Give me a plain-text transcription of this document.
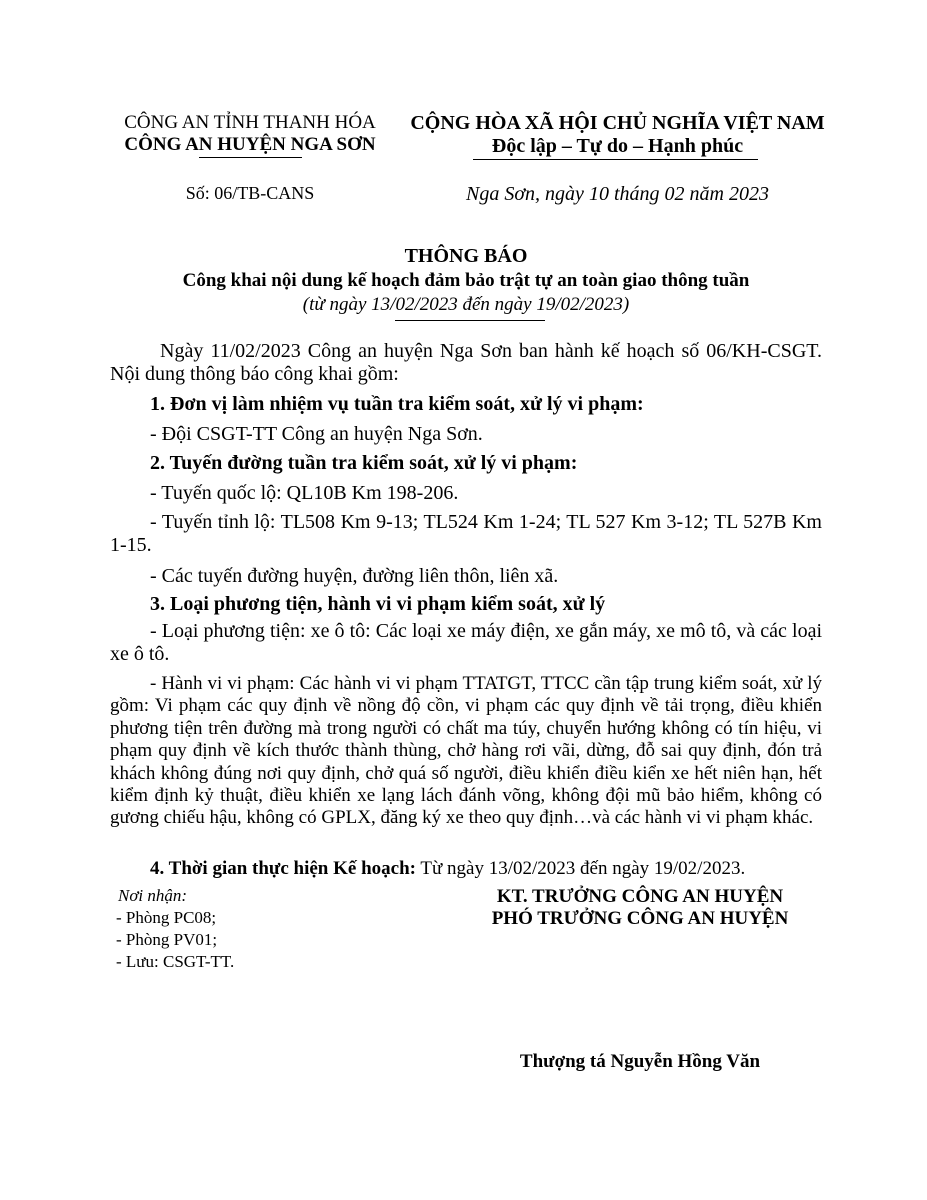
CÔNG AN TỈNH THANH HÓA
CÔNG AN HUYỆN NGA SƠN
CỘNG HÒA XÃ HỘI CHỦ NGHĨA VIỆT NAM
Độc lập – Tự do – Hạnh phúc
Số: 06/TB-CANS	Nga Sơn, ngày 10 tháng 02 năm 2023
THÔNG BÁO
Công khai nội dung kế hoạch đảm bảo trật tự an toàn giao thông tuần
(từ ngày 13/02/2023 đến ngày 19/02/2023)
Ngày 11/02/2023 Công an huyện Nga Sơn ban hành kế hoạch số 06/KH-CSGT. Nội dung thông báo công khai gồm:
1. Đơn vị làm nhiệm vụ tuần tra kiểm soát, xử lý vi phạm:
- Đội CSGT-TT Công an huyện Nga Sơn.
2. Tuyến đường tuần tra kiểm soát, xử lý vi phạm:
- Tuyến quốc lộ: QL10B Km 198-206.
- Tuyến tỉnh lộ: TL508 Km 9-13; TL524 Km 1-24; TL 527 Km 3-12; TL 527B Km 1-15.
- Các tuyến đường huyện, đường liên thôn, liên xã.
3. Loại phương tiện, hành vi vi phạm kiểm soát, xử lý
- Loại phương tiện: xe ô tô: Các loại xe máy điện, xe gắn máy, xe mô tô, và các loại xe ô tô.
- Hành vi vi phạm: Các hành vi vi phạm TTATGT, TTCC cần tập trung kiểm soát, xử lý gồm: Vi phạm các quy định về nồng độ cồn, vi phạm các quy định về tải trọng, điều khiển phương tiện trên đường mà trong người có chất ma túy, chuyển hướng không có tín hiệu, vi phạm quy định về kích thước thành thùng, chở hàng rơi vãi, dừng, đỗ sai quy định, đón trả khách không đúng nơi quy định, chở quá số người, điều khiển điều kiển xe hết niên hạn, hết kiểm định kỷ thuật, điều khiển xe lạng lách đánh võng, không đội mũ bảo hiểm, không có gương chiếu hậu, không có GPLX, đăng ký xe theo quy định…và các hành vi vi phạm khác.
4. Thời gian thực hiện Kế hoạch: Từ ngày 13/02/2023 đến ngày 19/02/2023.
Nơi nhận:
- Phòng PC08;
- Phòng PV01;
- Lưu: CSGT-TT.
KT. TRƯỞNG CÔNG AN HUYỆN
PHÓ TRƯỞNG CÔNG AN HUYỆN
Thượng tá Nguyễn Hồng Văn
